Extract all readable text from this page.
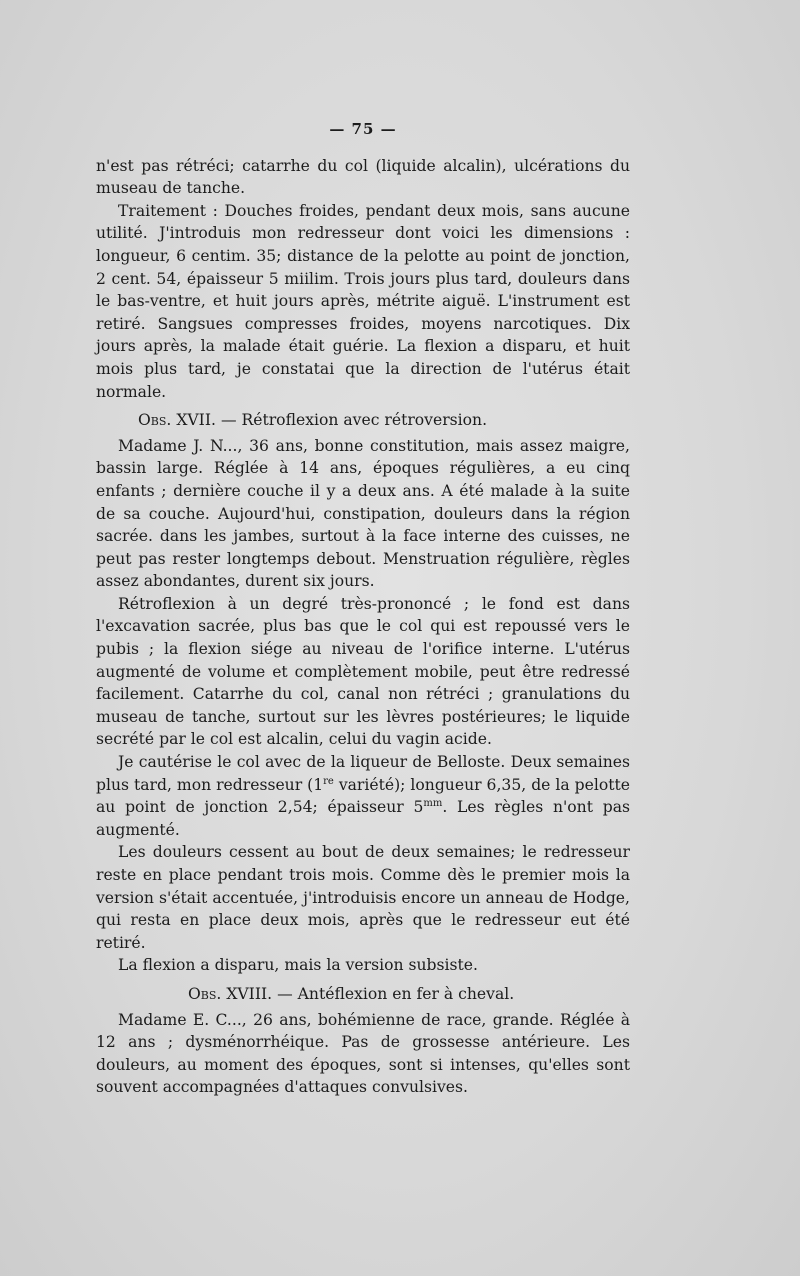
— 75 —

n'est pas rétréci; catarrhe du col (liquide alcalin), ulcérations du museau de tanche.

Traitement : Douches froides, pendant deux mois, sans aucune utilité. J'introduis mon redresseur dont voici les dimensions : longueur, 6 centim. 35; distance de la pelotte au point de jonction, 2 cent. 54, épaisseur 5 miilim. Trois jours plus tard, douleurs dans le bas-ventre, et huit jours après, métrite aiguë. L'instrument est retiré. Sangsues compresses froides, moyens narcotiques. Dix jours après, la malade était guérie. La flexion a disparu, et huit mois plus tard, je constatai que la direction de l'utérus était normale.

Obs. XVII. — Rétroflexion avec rétroversion.

Madame J. N..., 36 ans, bonne constitution, mais assez maigre, bassin large. Réglée à 14 ans, époques régulières, a eu cinq enfants ; dernière couche il y a deux ans. A été malade à la suite de sa couche. Aujourd'hui, constipation, douleurs dans la région sacrée. dans les jambes, surtout à la face interne des cuisses, ne peut pas rester longtemps debout. Menstruation régulière, règles assez abondantes, durent six jours.

Rétroflexion à un degré très-prononcé ; le fond est dans l'excavation sacrée, plus bas que le col qui est repoussé vers le pubis ; la flexion siége au niveau de l'orifice interne. L'utérus augmenté de volume et complètement mobile, peut être redressé facilement. Catarrhe du col, canal non rétréci ; granulations du museau de tanche, surtout sur les lèvres postérieures; le liquide secrété par le col est alcalin, celui du vagin acide.

Je cautérise le col avec de la liqueur de Belloste. Deux semaines plus tard, mon redresseur (1re variété); longueur 6,35, de la pelotte au point de jonction 2,54; épaisseur $5^{mm}$. Les règles n'ont pas augmenté.

Les douleurs cessent au bout de deux semaines; le redresseur reste en place pendant trois mois. Comme dès le premier mois la version s'était accentuée, j'introduisis encore un anneau de Hodge, qui resta en place deux mois, après que le redresseur eut été retiré.

La flexion a disparu, mais la version subsiste.

Obs. XVIII. — Antéflexion en fer à cheval.

Madame E. C..., 26 ans, bohémienne de race, grande. Réglée à 12 ans ; dysménorrhéique. Pas de grossesse antérieure. Les douleurs, au moment des époques, sont si intenses, qu'elles sont souvent accompagnées d'attaques convulsives.
